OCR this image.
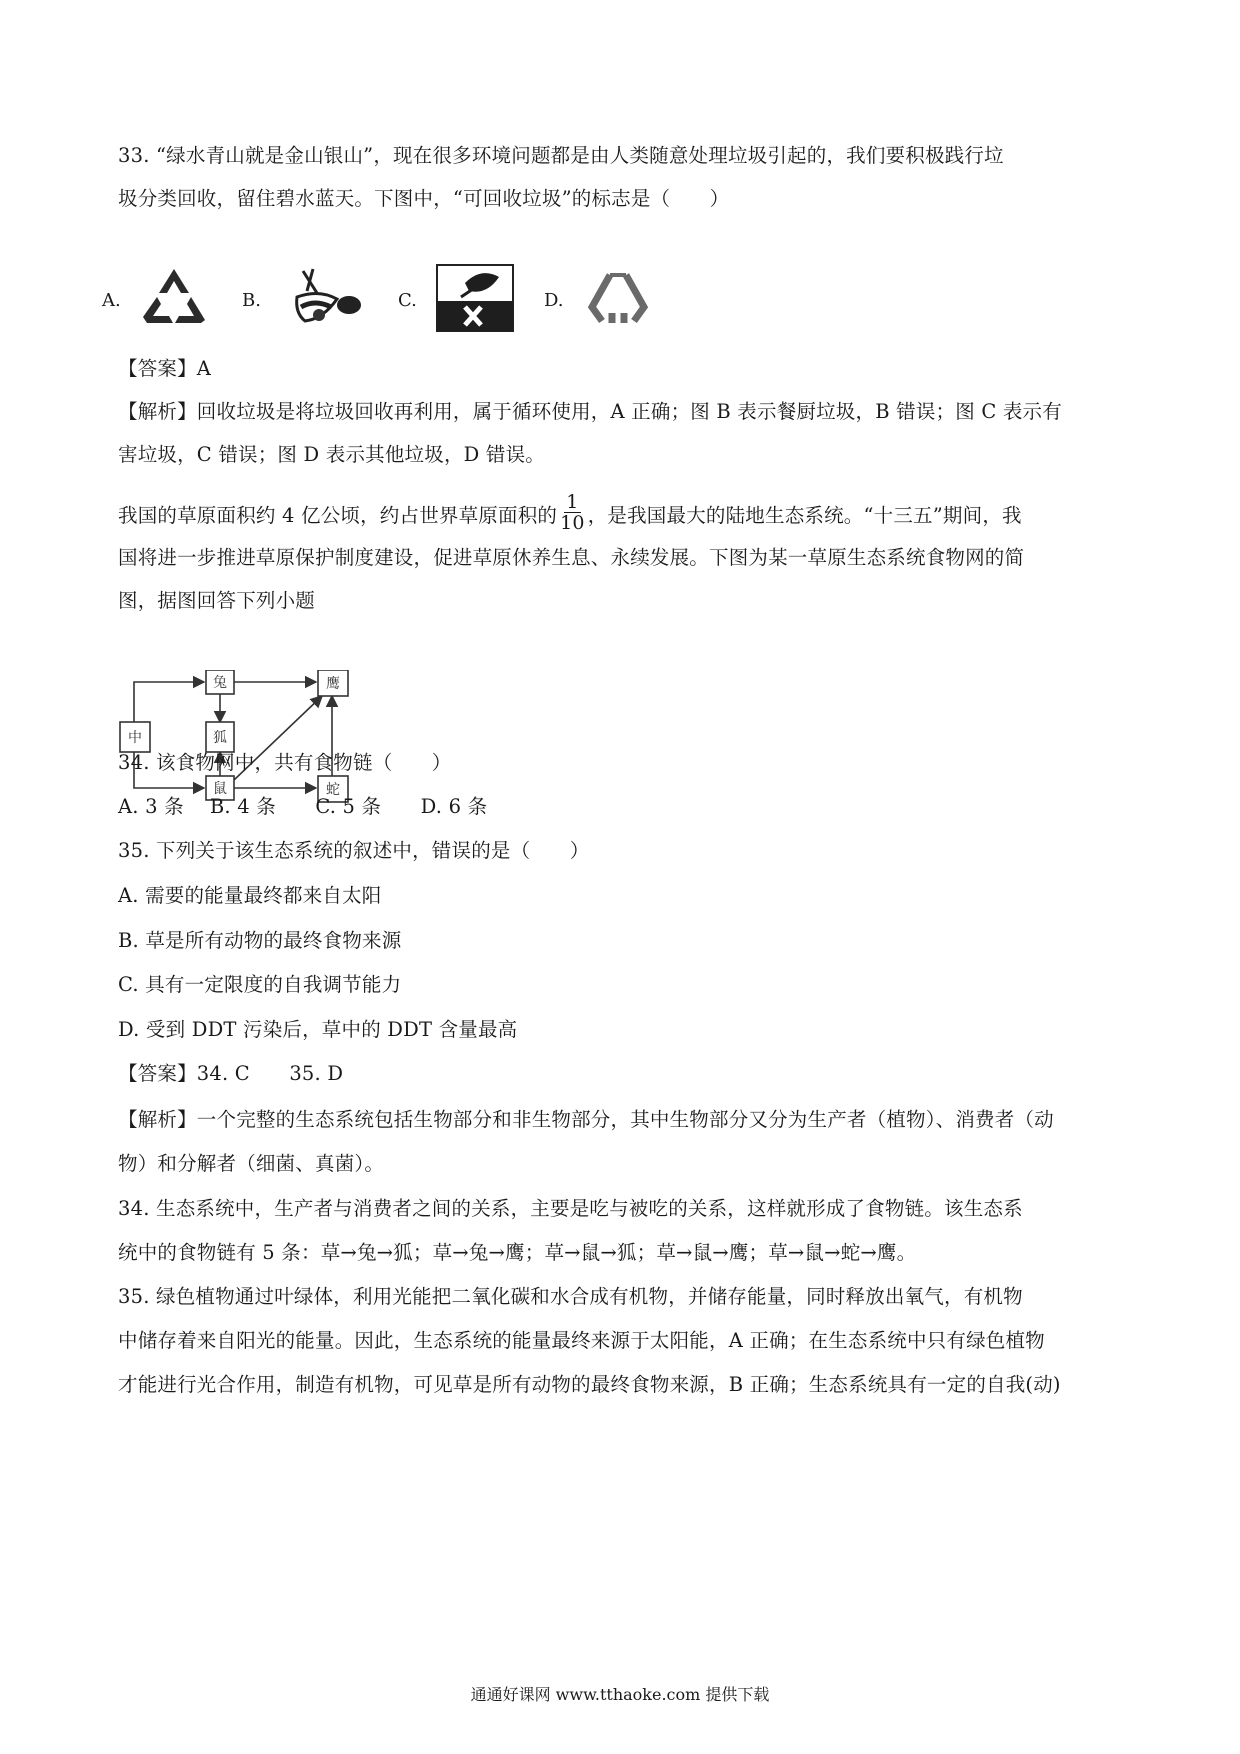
33. “绿水青山就是金山银山”，现在很多环境问题都是由人类随意处理垃圾引起的，我们要积极践行垃
圾分类回收，留住碧水蓝天。下图中，“可回收垃圾”的标志是（　　）
A.	B.	C.	D.
【答案】A
【解析】回收垃圾是将垃圾回收再利用，属于循环使用，A 正确；图 B 表示餐厨垃圾，B 错误；图 C 表示有
害垃圾，C 错误；图 D 表示其他垃圾，D 错误。
我国的草原面积约 4 亿公顷，约占世界草原面积的 $\frac{1}{10}$ ，是我国最大的陆地生态系统。“十三五”期间，我
国将进一步推进草原保护制度建设，促进草原休养生息、永续发展。下图为某一草原生态系统食物网的简
图，据图回答下列小题
中
兔
狐
鹰
鼠	蛇
34. 该食物网中，共有食物链（　　）
A. 3 条　 B. 4 条　　C. 5 条　　D. 6 条
35. 下列关于该生态系统的叙述中，错误的是（　　）
A. 需要的能量最终都来自太阳
B. 草是所有动物的最终食物来源
C. 具有一定限度的自我调节能力
D. 受到 DDT 污染后，草中的 DDT 含量最高
【答案】34. C　　35. D
【解析】一个完整的生态系统包括生物部分和非生物部分，其中生物部分又分为生产者（植物）、消费者（动
物）和分解者（细菌、真菌）。
34. 生态系统中，生产者与消费者之间的关系，主要是吃与被吃的关系，这样就形成了食物链。该生态系
统中的食物链有 5 条：草→兔→狐；草→兔→鹰；草→鼠→狐；草→鼠→鹰；草→鼠→蛇→鹰。
35. 绿色植物通过叶绿体，利用光能把二氧化碳和水合成有机物，并储存能量，同时释放出氧气，有机物
中储存着来自阳光的能量。因此，生态系统的能量最终来源于太阳能，A 正确；在生态系统中只有绿色植物
才能进行光合作用，制造有机物，可见草是所有动物的最终食物来源，B 正确；生态系统具有一定的自我(动)
通通好课网 www.tthaoke.com 提供下载
